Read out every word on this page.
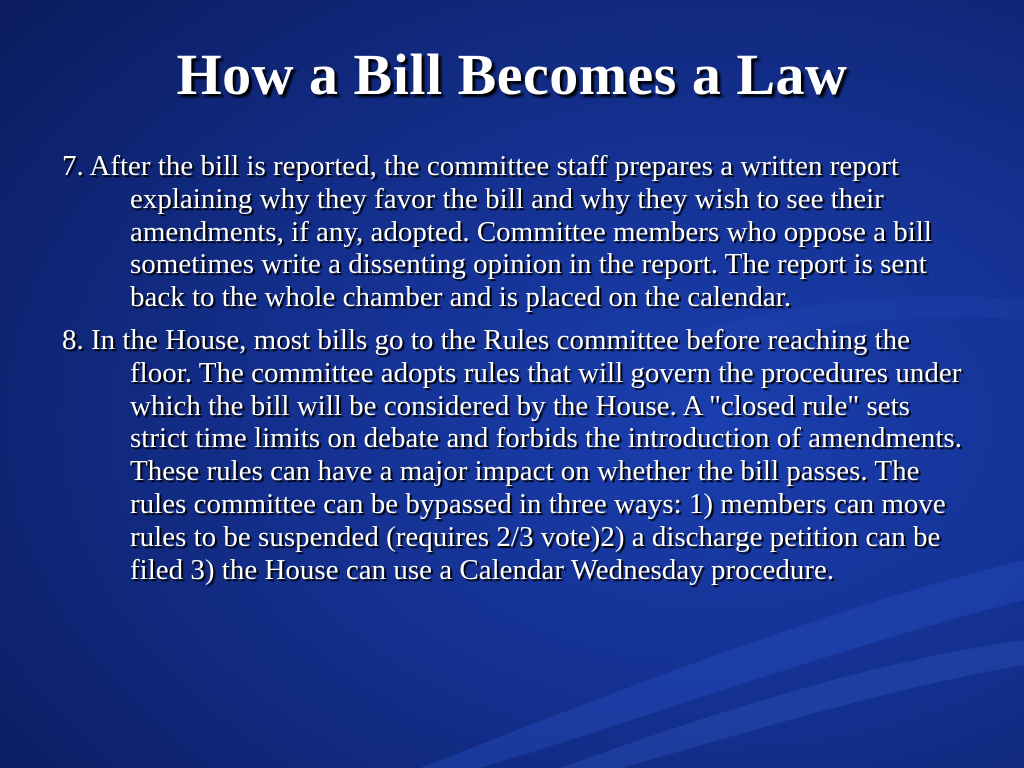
How a Bill Becomes a Law

7. After the bill is reported, the committee staff prepares a written report explaining why they favor the bill and why they wish to see their amendments, if any, adopted. Committee members who oppose a bill sometimes write a dissenting opinion in the report. The report is sent back to the whole chamber and is placed on the calendar.

8. In the House, most bills go to the Rules committee before reaching the floor. The committee adopts rules that will govern the procedures under which the bill will be considered by the House. A "closed rule" sets strict time limits on debate and forbids the introduction of amendments. These rules can have a major impact on whether the bill passes. The rules committee can be bypassed in three ways: 1) members can move rules to be suspended (requires 2/3 vote)2) a discharge petition can be filed 3) the House can use a Calendar Wednesday procedure.
